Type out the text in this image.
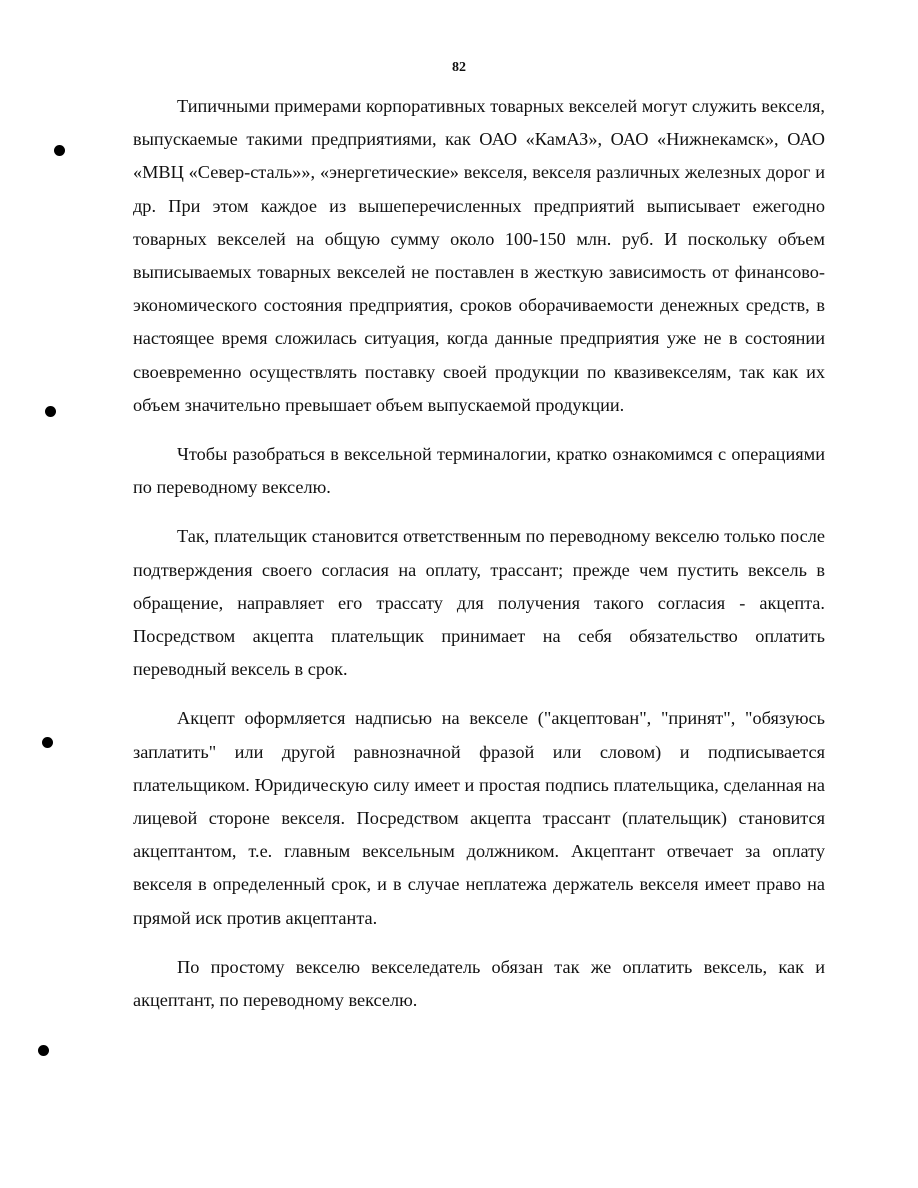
82

Типичными примерами корпоративных товарных векселей могут служить векселя, выпускаемые такими предприятиями, как ОАО «КамАЗ», ОАО «Нижнекамск», ОАО «МВЦ «Север-сталь»», «энергетические» векселя, векселя различных железных дорог и др. При этом каждое из вышеперечисленных предприятий выписывает ежегодно товарных векселей на общую сумму около 100-150 млн. руб. И поскольку объем выписываемых товарных векселей не поставлен в жесткую зависимость от финансово-экономического состояния предприятия, сроков оборачиваемости денежных средств, в настоящее время сложилась ситуация, когда данные предприятия уже не в состоянии своевременно осуществлять поставку своей продукции по квазивекселям, так как их объем значительно превышает объем выпускаемой продукции.

Чтобы разобраться в вексельной терминалогии, кратко ознакомимся с операциями по переводному векселю.

Так, плательщик становится ответственным по переводному векселю только после подтверждения своего согласия на оплату, трассант; прежде чем пустить вексель в обращение, направляет его трассату для получения такого согласия - акцепта. Посредством акцепта плательщик принимает на себя обязательство оплатить переводный вексель в срок.

Акцепт оформляется надписью на векселе ("акцептован", "принят", "обязуюсь заплатить" или другой равнозначной фразой или словом) и подписывается плательщиком. Юридическую силу имеет и простая подпись плательщика, сделанная на лицевой стороне векселя. Посредством акцепта трассант (плательщик) становится акцептантом, т.е. главным вексельным должником. Акцептант отвечает за оплату векселя в определенный срок, и в случае неплатежа держатель векселя имеет право на прямой иск против акцептанта.

По простому векселю векселедатель обязан так же оплатить вексель, как и акцептант, по переводному векселю.
